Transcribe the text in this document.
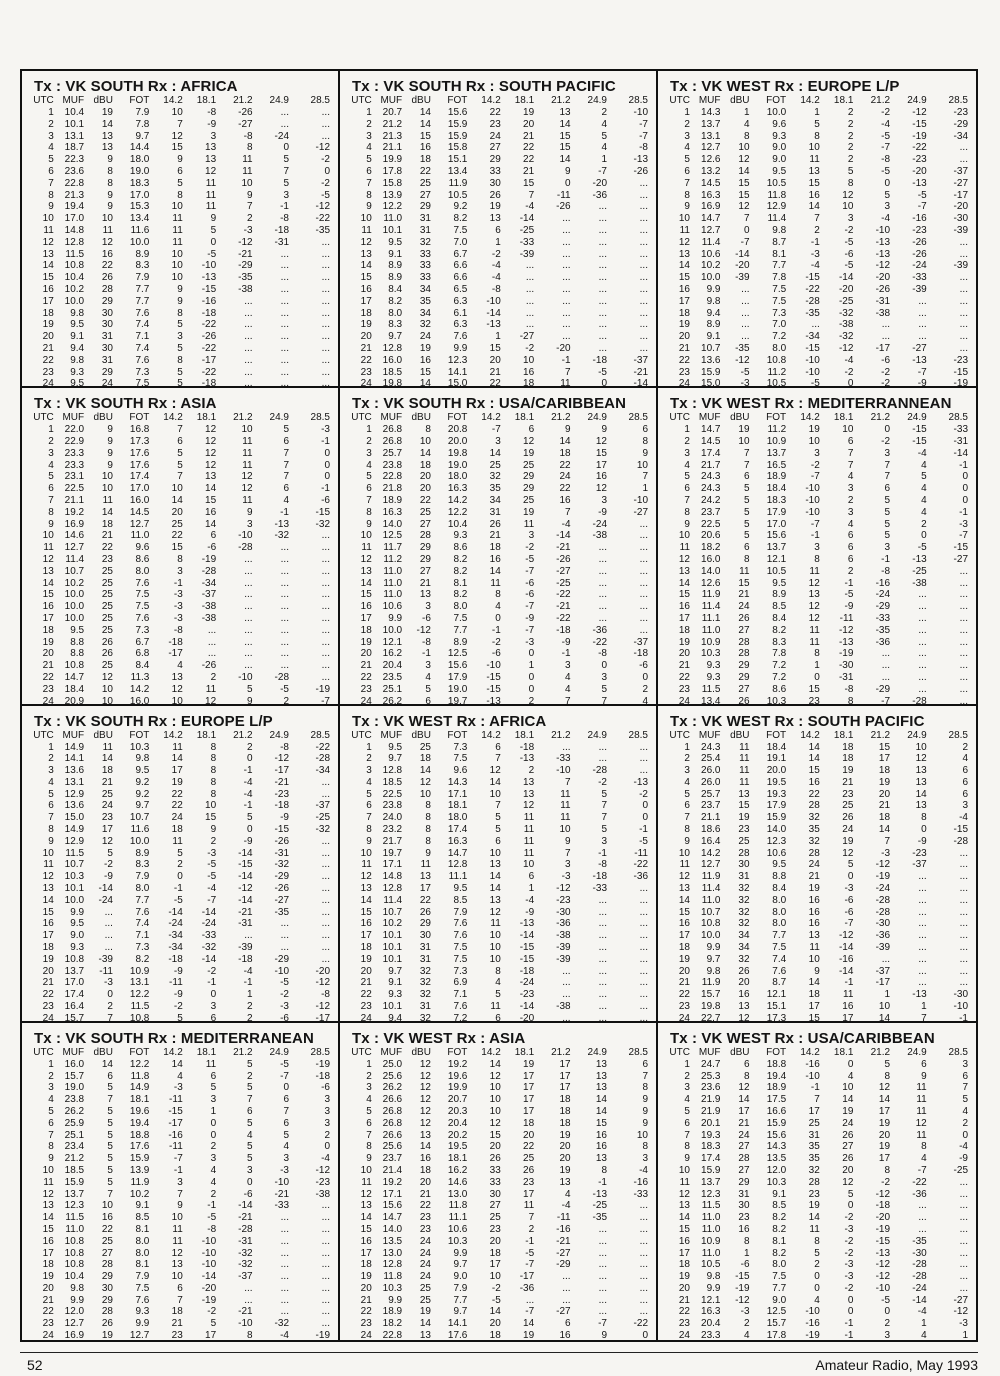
Tx : VK SOUTH Rx : AFRICA
UTC	MUF	dBU	FOT	14.2	18.1	21.2	24.9	28.5
1	10.4	19	7.9	10	-8	-26	...	...
2	10.1	14	7.8	7	-9	-27	...	...
3	13.1	13	9.7	12	3	-8	-24	...
4	18.7	13	14.4	15	13	8	0	-12
5	22.3	9	18.0	9	13	11	5	-2
6	23.6	8	19.0	6	12	11	7	0
7	22.8	8	18.3	5	11	10	5	-2
8	21.3	9	17.0	8	11	9	3	-5
9	19.4	9	15.3	10	11	7	-1	-12
10	17.0	10	13.4	11	9	2	-8	-22
11	14.8	11	11.6	11	5	-3	-18	-35
12	12.8	12	10.0	11	0	-12	-31	...
13	11.5	16	8.9	10	-5	-21	...	...
14	10.8	22	8.3	10	-10	-29	...	...
15	10.4	26	7.9	10	-13	-35	...	...
16	10.2	28	7.7	9	-15	-38	...	...
17	10.0	29	7.7	9	-16	...	...	...
18	9.8	30	7.6	8	-18	...	...	...
19	9.5	30	7.4	5	-22	...	...	...
20	9.1	31	7.1	3	-26	...	...	...
21	9.4	30	7.4	5	-22	...	...	...
22	9.8	31	7.6	8	-17	...	...	...
23	9.3	29	7.3	5	-22	...	...	...
24	9.5	24	7.5	5	-18	...	...	...
Tx : VK SOUTH Rx : SOUTH PACIFIC
UTC	MUF	dBU	FOT	14.2	18.1	21.2	24.9	28.5
1	20.7	14	15.6	22	19	13	2	-10
2	21.2	14	15.9	23	20	14	4	-7
3	21.3	15	15.9	24	21	15	5	-7
4	21.1	16	15.8	27	22	15	4	-8
5	19.9	18	15.1	29	22	14	1	-13
6	17.8	22	13.4	33	21	9	-7	-26
7	15.8	25	11.9	30	15	0	-20	...
8	13.9	27	10.5	26	7	-11	-36	...
9	12.2	29	9.2	19	-4	-26	...	...
10	11.0	31	8.2	13	-14	...	...	...
11	10.1	31	7.5	6	-25	...	...	...
12	9.5	32	7.0	1	-33	...	...	...
13	9.1	33	6.7	-2	-39	...	...	...
14	8.9	33	6.6	-4	...	...	...	...
15	8.9	33	6.6	-4	...	...	...	...
16	8.4	34	6.5	-8	...	...	...	...
17	8.2	35	6.3	-10	...	...	...	...
18	8.0	34	6.1	-14	...	...	...	...
19	8.3	32	6.3	-13	...	...	...	...
20	9.7	24	7.6	1	-27	...	...	...
21	12.8	19	9.9	15	-2	-20	...	...
22	16.0	16	12.3	20	10	-1	-18	-37
23	18.5	15	14.1	21	16	7	-5	-21
24	19.8	14	15.0	22	18	11	0	-14
Tx : VK WEST Rx : EUROPE L/P
UTC	MUF	dBU	FOT	14.2	18.1	21.2	24.9	28.5
1	14.3	1	10.0	1	2	-2	-12	-23
2	13.7	4	9.6	5	2	-4	-15	-29
3	13.1	8	9.3	8	2	-5	-19	-34
4	12.7	10	9.0	10	2	-7	-22	...
5	12.6	12	9.0	11	2	-8	-23	...
6	13.2	14	9.5	13	5	-5	-20	-37
7	14.5	15	10.5	15	8	0	-13	-27
8	16.3	15	11.8	16	12	5	-5	-17
9	16.9	12	12.9	14	10	3	-7	-20
10	14.7	7	11.4	7	3	-4	-16	-30
11	12.7	0	9.8	2	-2	-10	-23	-39
12	11.4	-7	8.7	-1	-5	-13	-26	...
13	10.6	-14	8.1	-3	-6	-13	-26	...
14	10.2	-20	7.7	-4	-5	-12	-24	-39
15	10.0	-39	7.8	-15	-14	-20	-33	...
16	9.9	...	7.5	-22	-20	-26	-39	...
17	9.8	...	7.5	-28	-25	-31	...	...
18	9.4	...	7.3	-35	-32	-38	...	...
19	8.9	...	7.0	...	-38	...	...	...
20	9.1	...	7.2	-34	-32	...	...	...
21	10.7	-35	8.0	-15	-12	-17	-27	...
22	13.6	-12	10.8	-10	-4	-6	-13	-23
23	15.9	-5	11.2	-10	-2	-2	-7	-15
24	15.0	-3	10.5	-5	0	-2	-9	-19
Tx : VK SOUTH Rx : ASIA
UTC	MUF	dBU	FOT	14.2	18.1	21.2	24.9	28.5
1	22.0	9	16.8	7	12	10	5	-3
2	22.9	9	17.3	6	12	11	6	-1
3	23.3	9	17.6	5	12	11	7	0
4	23.3	9	17.6	5	12	11	7	0
5	23.1	10	17.4	7	13	12	7	0
6	22.5	10	17.0	10	14	12	6	-1
7	21.1	11	16.0	14	15	11	4	-6
8	19.2	14	14.5	20	16	9	-1	-15
9	16.9	18	12.7	25	14	3	-13	-32
10	14.6	21	11.0	22	6	-10	-32	...
11	12.7	22	9.6	15	-6	-28	...	...
12	11.4	23	8.6	8	-19	...	...	...
13	10.7	25	8.0	3	-28	...	...	...
14	10.2	25	7.6	-1	-34	...	...	...
15	10.0	25	7.5	-3	-37	...	...	...
16	10.0	25	7.5	-3	-38	...	...	...
17	10.0	25	7.6	-3	-38	...	...	...
18	9.5	25	7.3	-8	...	...	...	...
19	8.8	26	6.7	-18	...	...	...	...
20	8.8	26	6.8	-17	...	...	...	...
21	10.8	25	8.4	4	-26	...	...	...
22	14.7	12	11.3	13	2	-10	-28	...
23	18.4	10	14.2	12	11	5	-5	-19
24	20.9	10	16.0	10	12	9	2	-7
Tx : VK SOUTH Rx : USA/CARIBBEAN
UTC	MUF	dBU	FOT	14.2	18.1	21.2	24.9	28.5
1	26.8	8	20.8	-7	6	9	9	6
2	26.8	10	20.0	3	12	14	12	8
3	25.7	14	19.8	14	19	18	15	9
4	23.8	18	19.0	25	25	22	17	10
5	22.8	20	18.0	32	29	24	16	7
6	21.8	20	16.3	35	29	22	12	1
7	18.9	22	14.2	34	25	16	3	-10
8	16.3	25	12.2	31	19	7	-9	-27
9	14.0	27	10.4	26	11	-4	-24	...
10	12.5	28	9.3	21	3	-14	-38	...
11	11.7	29	8.6	18	-2	-21	...	...
12	11.2	29	8.2	16	-5	-26	...	...
13	11.0	27	8.2	14	-7	-27	...	...
14	11.0	21	8.1	11	-6	-25	...	...
15	11.0	13	8.2	8	-6	-22	...	...
16	10.6	3	8.0	4	-7	-21	...	...
17	9.9	-6	7.5	0	-9	-22	...	...
18	10.0	-12	7.7	-1	-7	-18	-36	...
19	12.1	-8	8.9	-2	-3	-9	-22	-37
20	16.2	-1	12.5	-6	0	-1	-8	-18
21	20.4	3	15.6	-10	1	3	0	-6
22	23.5	4	17.9	-15	0	4	3	0
23	25.1	5	19.0	-15	0	4	5	2
24	26.2	6	19.7	-13	2	7	7	4
Tx : VK WEST Rx : MEDITERRANNEAN
UTC	MUF	dBU	FOT	14.2	18.1	21.2	24.9	28.5
1	14.7	19	11.2	19	10	0	-15	-33
2	14.5	10	10.9	10	6	-2	-15	-31
3	17.4	7	13.7	3	7	3	-4	-14
4	21.7	7	16.5	-2	7	7	4	-1
5	24.3	6	18.9	-7	4	7	5	0
6	24.3	5	18.4	-10	3	6	4	0
7	24.2	5	18.3	-10	2	5	4	0
8	23.7	5	17.9	-10	3	5	4	-1
9	22.5	5	17.0	-7	4	5	2	-3
10	20.6	5	15.6	-1	6	5	0	-7
11	18.2	6	13.7	3	6	3	-5	-15
12	16.0	8	12.1	8	6	-1	-13	-27
13	14.0	11	10.5	11	2	-8	-25	...
14	12.6	15	9.5	12	-1	-16	-38	...
15	11.9	21	8.9	13	-5	-24	...	...
16	11.4	24	8.5	12	-9	-29	...	...
17	11.1	26	8.4	12	-11	-33	...	...
18	11.0	27	8.2	11	-12	-35	...	...
19	10.9	28	8.3	11	-13	-36	...	...
20	10.3	28	7.8	8	-19	...	...	...
21	9.3	29	7.2	1	-30	...	...	...
22	9.3	29	7.2	0	-31	...	...	...
23	11.5	27	8.6	15	-8	-29	...	...
24	13.4	26	10.3	23	8	-7	-28	...
Tx : VK SOUTH Rx : EUROPE L/P
UTC	MUF	dBU	FOT	14.2	18.1	21.2	24.9	28.5
1	14.9	11	10.3	11	8	2	-8	-22
2	14.1	14	9.8	14	8	0	-12	-28
3	13.6	18	9.5	17	8	-1	-17	-34
4	13.1	21	9.2	19	8	-4	-21	...
5	12.9	25	9.2	22	8	-4	-23	...
6	13.6	24	9.7	22	10	-1	-18	-37
7	15.0	23	10.7	24	15	5	-9	-25
8	14.9	17	11.6	18	9	0	-15	-32
9	12.9	12	10.0	11	2	-9	-26	...
10	11.5	5	8.9	5	-3	-14	-31	...
11	10.7	-2	8.3	2	-5	-15	-32	...
12	10.3	-9	7.9	0	-5	-14	-29	...
13	10.1	-14	8.0	-1	-4	-12	-26	...
14	10.0	-24	7.7	-5	-7	-14	-27	...
15	9.9	...	7.6	-14	-14	-21	-35	...
16	9.5	...	7.4	-24	-24	-31	...	...
17	9.0	...	7.1	-34	-33	...	...	...
18	9.3	...	7.3	-34	-32	-39	...	...
19	10.8	-39	8.2	-18	-14	-18	-29	...
20	13.7	-11	10.9	-9	-2	-4	-10	-20
21	17.0	-3	13.1	-11	-1	-1	-5	-12
22	17.4	0	12.2	-9	0	1	-2	-8
23	16.4	2	11.5	-2	3	2	-3	-12
24	15.7	7	10.8	5	6	2	-6	-17
Tx : VK WEST Rx : AFRICA
UTC	MUF	dBU	FOT	14.2	18.1	21.2	24.9	28.5
1	9.5	25	7.3	6	-18	...	...	...
2	9.7	18	7.5	7	-13	-33	...	...
3	12.8	14	9.6	12	2	-10	-28	...
4	18.5	12	14.3	14	13	7	-2	-13
5	22.5	10	17.1	10	13	11	5	-2
6	23.8	8	18.1	7	12	11	7	0
7	24.0	8	18.0	5	11	11	7	0
8	23.2	8	17.4	5	11	10	5	-1
9	21.7	8	16.3	6	11	9	3	-5
10	19.7	9	14.7	10	11	7	-1	-11
11	17.1	11	12.8	13	10	3	-8	-22
12	14.8	13	11.1	14	6	-3	-18	-36
13	12.8	17	9.5	14	1	-12	-33	...
14	11.4	22	8.5	13	-4	-23	...	...
15	10.7	26	7.9	12	-9	-30	...	...
16	10.2	29	7.6	11	-13	-36	...	...
17	10.1	30	7.6	10	-14	-38	...	...
18	10.1	31	7.5	10	-15	-39	...	...
19	10.1	31	7.5	10	-15	-39	...	...
20	9.7	32	7.3	8	-18	...	...	...
21	9.1	32	6.9	4	-24	...	...	...
22	9.3	32	7.1	5	-23	...	...	...
23	10.1	31	7.6	11	-14	-38	...	...
24	9.4	32	7.2	6	-20	...	...	...
Tx : VK WEST Rx : SOUTH PACIFIC
UTC	MUF	dBU	FOT	14.2	18.1	21.2	24.9	28.5
1	24.3	11	18.4	14	18	15	10	2
2	25.4	11	19.1	14	18	17	12	4
3	26.0	11	20.0	15	19	18	13	6
4	26.0	11	19.5	16	21	19	13	6
5	25.7	13	19.3	22	23	20	14	6
6	23.7	15	17.9	28	25	21	13	3
7	21.1	19	15.9	32	26	18	8	-4
8	18.6	23	14.0	35	24	14	0	-15
9	16.4	25	12.3	32	19	7	-9	-28
10	14.2	28	10.6	28	12	-3	-23	...
11	12.7	30	9.5	24	5	-12	-37	...
12	11.9	31	8.8	21	0	-19	...	...
13	11.4	32	8.4	19	-3	-24	...	...
14	11.0	32	8.0	16	-6	-28	...	...
15	10.7	32	8.0	16	-6	-28	...	...
16	10.8	32	8.0	16	-7	-30	...	...
17	10.0	34	7.7	13	-12	-36	...	...
18	9.9	34	7.5	11	-14	-39	...	...
19	9.7	32	7.4	10	-16	...	...	...
20	9.8	26	7.6	9	-14	-37	...	...
21	11.9	20	8.7	14	-1	-17	...	...
22	15.7	16	12.1	18	11	1	-13	-30
23	19.8	13	15.1	17	16	10	1	-10
24	22.7	12	17.3	15	17	14	7	-1
Tx : VK SOUTH Rx : MEDITERRANEAN
UTC	MUF	dBU	FOT	14.2	18.1	21.2	24.9	28.5
1	16.0	14	12.2	14	11	5	-5	-19
2	15.7	6	11.8	4	6	2	-7	-18
3	19.0	5	14.9	-3	5	5	0	-6
4	23.8	7	18.1	-11	3	7	6	3
5	26.2	5	19.6	-15	1	6	7	3
6	25.9	5	19.4	-17	0	5	6	3
7	25.1	5	18.8	-16	0	4	5	2
8	23.4	5	17.6	-11	2	5	4	0
9	21.2	5	15.9	-7	3	5	3	-4
10	18.5	5	13.9	-1	4	3	-3	-12
11	15.9	5	11.9	3	4	0	-10	-23
12	13.7	7	10.2	7	2	-6	-21	-38
13	12.3	10	9.1	9	-1	-14	-33	...
14	11.5	16	8.5	10	-5	-21	...	...
15	11.0	22	8.1	11	-8	-28	...	...
16	10.8	25	8.0	11	-10	-31	...	...
17	10.8	27	8.0	12	-10	-32	...	...
18	10.8	28	8.1	13	-10	-32	...	...
19	10.4	29	7.9	10	-14	-37	...	...
20	9.8	30	7.5	6	-20	...	...	...
21	9.9	29	7.6	7	-19	...	...	...
22	12.0	28	9.3	18	-2	-21	...	...
23	12.7	26	9.9	21	5	-10	-32	...
24	16.9	19	12.7	23	17	8	-4	-19
Tx : VK WEST Rx : ASIA
UTC	MUF	dBU	FOT	14.2	18.1	21.2	24.9	28.5
1	25.0	12	19.2	14	19	17	13	6
2	25.6	12	19.6	12	17	17	13	7
3	26.2	12	19.9	10	17	17	13	8
4	26.6	12	20.7	10	17	18	14	9
5	26.8	12	20.3	10	17	18	14	9
6	26.8	12	20.4	12	18	18	15	9
7	26.6	13	20.2	15	20	19	16	10
8	25.6	14	19.5	20	22	20	16	8
9	23.7	16	18.1	26	25	20	13	3
10	21.4	18	16.2	33	26	19	8	-4
11	19.2	20	14.6	33	23	13	-1	-16
12	17.1	21	13.0	30	17	4	-13	-33
13	15.6	22	11.8	27	11	-4	-25	...
14	14.7	23	11.1	25	7	-11	-35	...
15	14.0	23	10.6	23	2	-16	...	...
16	13.5	24	10.3	20	-1	-21	...	...
17	13.0	24	9.9	18	-5	-27	...	...
18	12.8	24	9.7	17	-7	-29	...	...
19	11.8	24	9.0	10	-17	...	...	...
20	10.3	25	7.9	-2	-36	...	...	...
21	9.9	25	7.7	-5	...	...	...	...
22	18.9	19	9.7	14	-7	-27	...	...
23	18.2	14	14.1	20	14	6	-7	-22
24	22.8	13	17.6	18	19	16	9	0
Tx : VK WEST Rx : USA/CARIBBEAN
UTC	MUF	dBU	FOT	14.2	18.1	21.2	24.9	28.5
1	24.7	6	18.8	-16	0	5	6	3
2	25.3	8	19.4	-10	4	8	9	6
3	23.6	12	18.9	-1	10	12	11	7
4	21.9	14	17.5	7	14	14	11	5
5	21.9	17	16.6	17	19	17	11	4
6	20.1	21	15.9	25	24	19	12	2
7	19.3	24	15.6	31	26	20	11	0
8	18.3	27	14.3	35	27	19	8	-4
9	17.4	28	13.5	35	26	17	4	-9
10	15.9	27	12.0	32	20	8	-7	-25
11	13.7	29	10.3	28	12	-2	-22	...
12	12.3	31	9.1	23	5	-12	-36	...
13	11.5	30	8.5	19	0	-18	...	...
14	11.0	23	8.2	14	-2	-20	...	...
15	11.0	16	8.2	11	-3	-19	...	...
16	10.9	8	8.1	8	-2	-15	-35	...
17	11.0	1	8.2	5	-2	-13	-30	...
18	10.5	-6	8.0	2	-3	-12	-28	...
19	9.8	-15	7.5	0	-3	-12	-28	...
20	9.9	-19	7.7	0	-2	-10	-24	...
21	12.1	-12	9.0	4	0	-5	-14	-27
22	16.3	-3	12.5	-10	0	0	-4	-12
23	20.4	2	15.7	-16	-1	2	1	-3
24	23.3	4	17.8	-19	-1	3	4	1
52	Amateur Radio, May 1993
